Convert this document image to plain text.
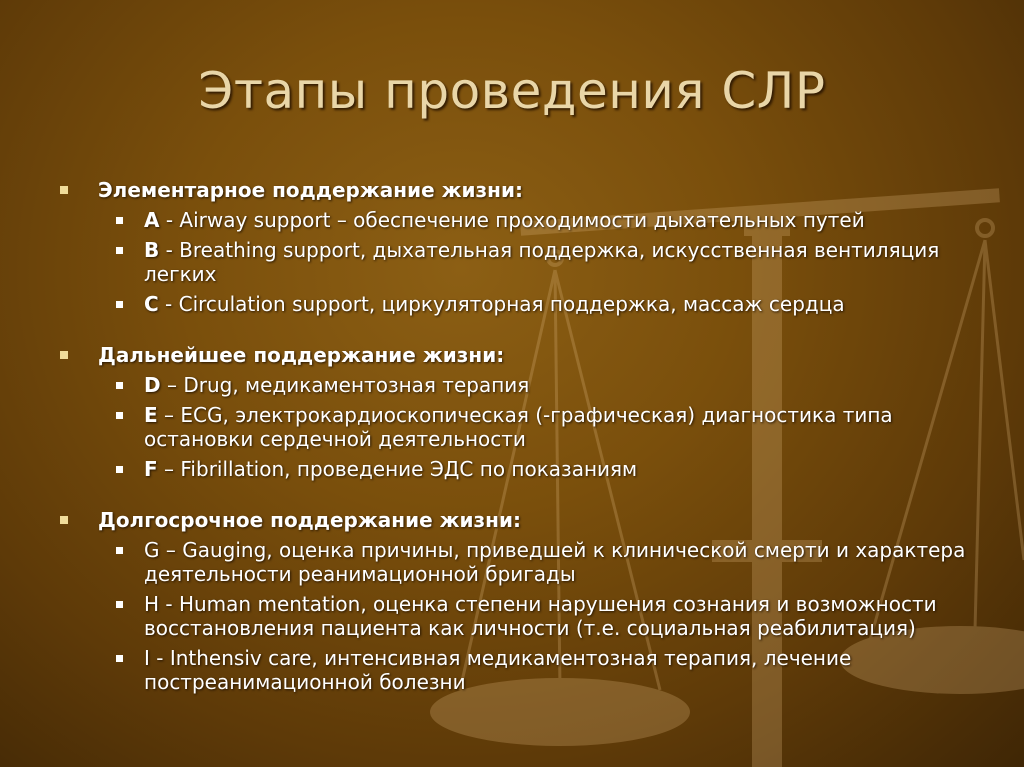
Этапы проведения СЛР
Элементарное поддержание жизни:
A - Airway support – обеспечение проходимости дыхательных путей
B - Breathing support, дыхательная поддержка, искусственная вентиляция легких
C - Circulation support, циркуляторная поддержка, массаж сердца
Дальнейшее поддержание жизни:
D – Drug, медикаментозная терапия
E – ECG, электрокардиоскопическая (-графическая) диагностика типа остановки сердечной деятельности
F – Fibrillation, проведение ЭДС по показаниям
Долгосрочное поддержание жизни:
G – Gauging, оценка причины, приведшей к клинической смерти и характера деятельности реанимационной бригады
H - Human mentation, оценка степени нарушения сознания и возможности восстановления пациента как личности (т.е. социальная реабилитация)
I - Inthensiv care, интенсивная медикаментозная терапия, лечение постреанимационной болезни
